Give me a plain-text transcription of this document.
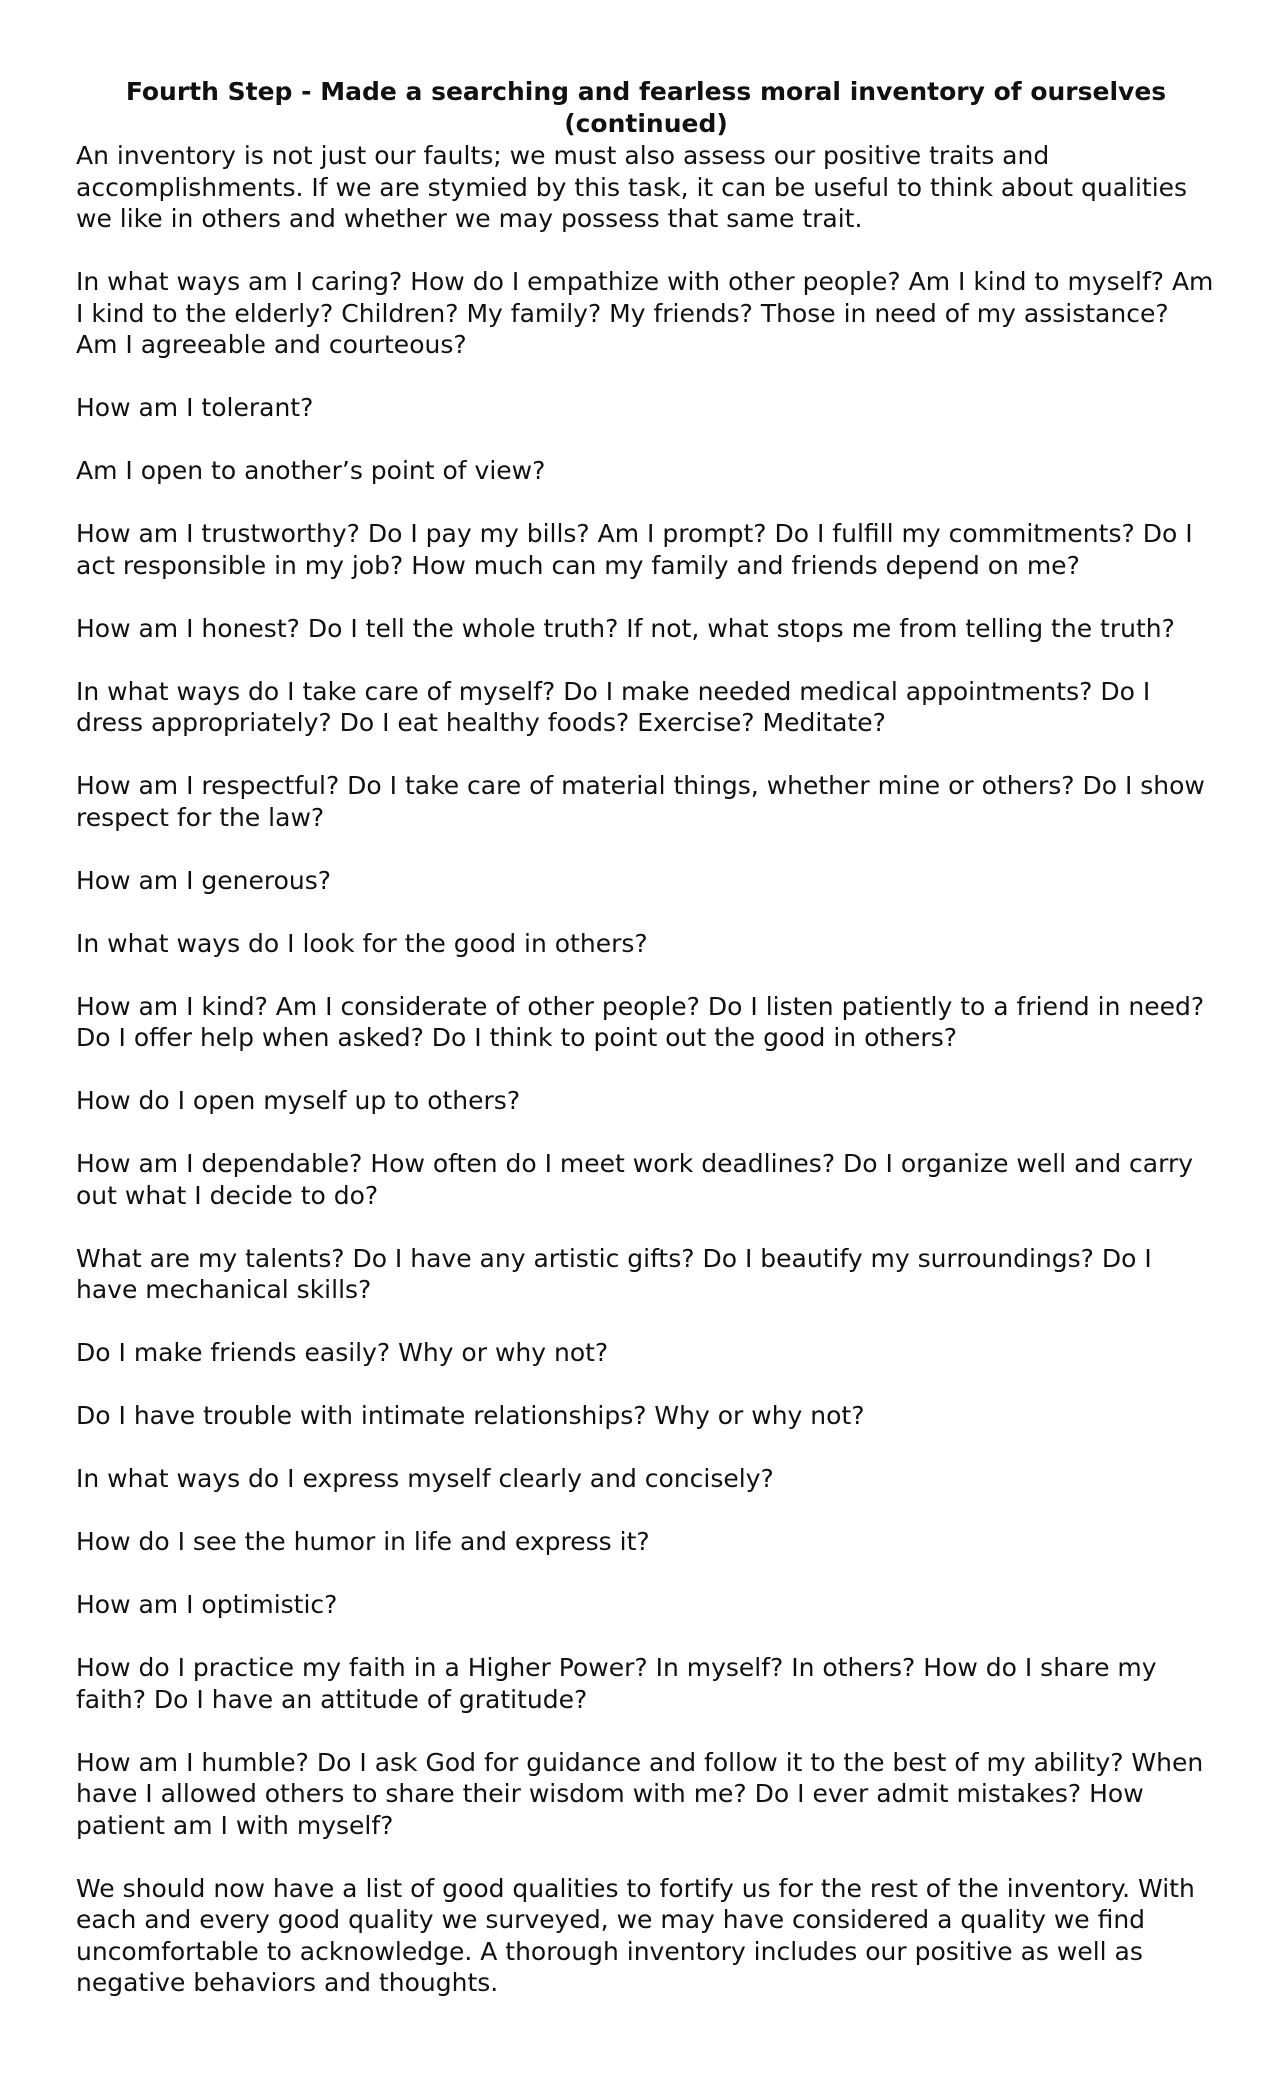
Fourth Step - Made a searching and fearless moral inventory of ourselves (continued)

An inventory is not just our faults; we must also assess our positive traits and accomplishments. If we are stymied by this task, it can be useful to think about qualities we like in others and whether we may possess that same trait.

In what ways am I caring? How do I empathize with other people? Am I kind to myself? Am I kind to the elderly? Children? My family? My friends? Those in need of my assistance? Am I agreeable and courteous?

How am I tolerant?

Am I open to another’s point of view?

How am I trustworthy? Do I pay my bills? Am I prompt? Do I fulfill my commitments? Do I act responsible in my job? How much can my family and friends depend on me?

How am I honest? Do I tell the whole truth? If not, what stops me from telling the truth?

In what ways do I take care of myself? Do I make needed medical appointments? Do I dress appropriately? Do I eat healthy foods? Exercise? Meditate?

How am I respectful? Do I take care of material things, whether mine or others? Do I show respect for the law?

How am I generous?

In what ways do I look for the good in others?

How am I kind? Am I considerate of other people? Do I listen patiently to a friend in need? Do I offer help when asked? Do I think to point out the good in others?

How do I open myself up to others?

How am I dependable? How often do I meet work deadlines? Do I organize well and carry out what I decide to do?

What are my talents? Do I have any artistic gifts? Do I beautify my surroundings? Do I have mechanical skills?

Do I make friends easily? Why or why not?

Do I have trouble with intimate relationships? Why or why not?

In what ways do I express myself clearly and concisely?

How do I see the humor in life and express it?

How am I optimistic?

How do I practice my faith in a Higher Power? In myself? In others? How do I share my faith? Do I have an attitude of gratitude?

How am I humble? Do I ask God for guidance and follow it to the best of my ability? When have I allowed others to share their wisdom with me? Do I ever admit mistakes? How patient am I with myself?

We should now have a list of good qualities to fortify us for the rest of the inventory. With each and every good quality we surveyed, we may have considered a quality we find uncomfortable to acknowledge. A thorough inventory includes our positive as well as negative behaviors and thoughts.
